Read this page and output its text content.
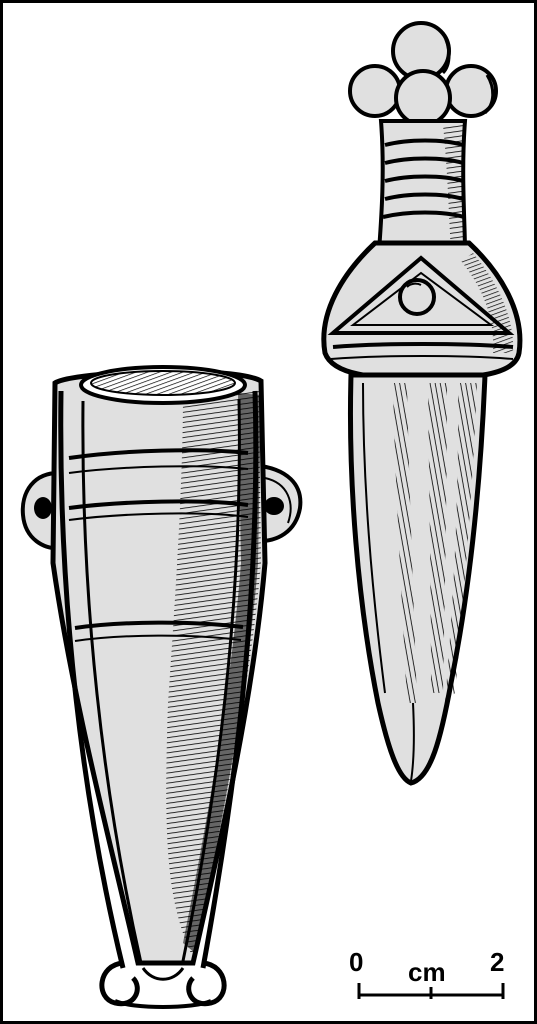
0 cm 2
